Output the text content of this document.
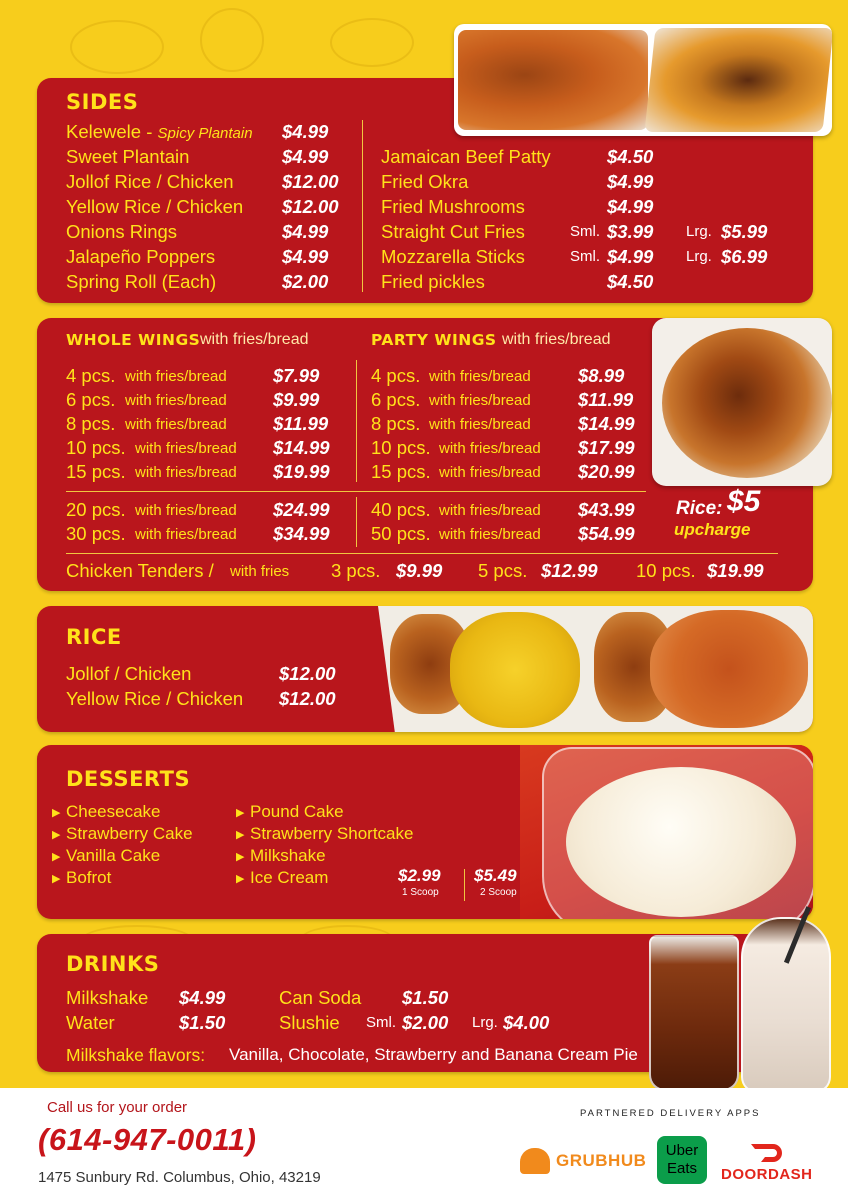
SIDES
Kelewele - Spicy Plantain $4.99
Sweet Plantain	$4.99
Jollof Rice / Chicken	$12.00
Yellow Rice / Chicken $12.00
Onions Rings	$4.99
Jalapeño Poppers	$4.99
Spring Roll (Each)	$2.00
Jamaican Beef Patty	$4.50
Fried Okra	$4.99
Fried Mushrooms	$4.99
Straight Cut Fries	Sml. $3.99 Lrg. $5.99
Mozzarella Sticks	Sml. $4.99 Lrg. $6.99
Fried pickles	$4.50
WHOLE WINGS with fries/bread	PARTY WINGS with fries/bread
4 pcs. with fries/bread	$7.99
6 pcs. with fries/bread	$9.99
8 pcs. with fries/bread	$11.99
10 pcs. with fries/bread $14.99
15 pcs. with fries/bread $19.99
20 pcs. with fries/bread $24.99
30 pcs. with fries/bread $34.99
4 pcs. with fries/bread	$8.99
6 pcs. with fries/bread	$11.99
8 pcs. with fries/bread	$14.99
10 pcs. with fries/bread $17.99
15 pcs. with fries/bread $20.99
40 pcs. with fries/bread $43.99
50 pcs. with fries/bread $54.99
Rice: $5
upcharge
Chicken Tenders / with fries 3 pcs. $9.99 5 pcs. $12.99 10 pcs. $19.99
RICE
Jollof / Chicken	$12.00
Yellow Rice / Chicken $12.00
DESSERTS
▶ Cheesecake
▶ Strawberry Cake
▶ Vanilla Cake
▶ Bofrot
▶ Pound Cake
▶ Strawberry Shortcake
▶ Milkshake
▶ Ice Cream	$2.99
1 Scoop
$5.49
2 Scoop
DRINKS
Milkshake $4.99
Water	$1.50
Can Soda $1.50
Slushie Sml. $2.00 Lrg. $4.00
Milkshake flavors: Vanilla, Chocolate, Strawberry and Banana Cream Pie
Call us for your order
(614-947-0011)
1475 Sunbury Rd. Columbus, Ohio, 43219
PARTNERED DELIVERY APPS
GRUBHUB
Uber
Eats	DOORDASH
